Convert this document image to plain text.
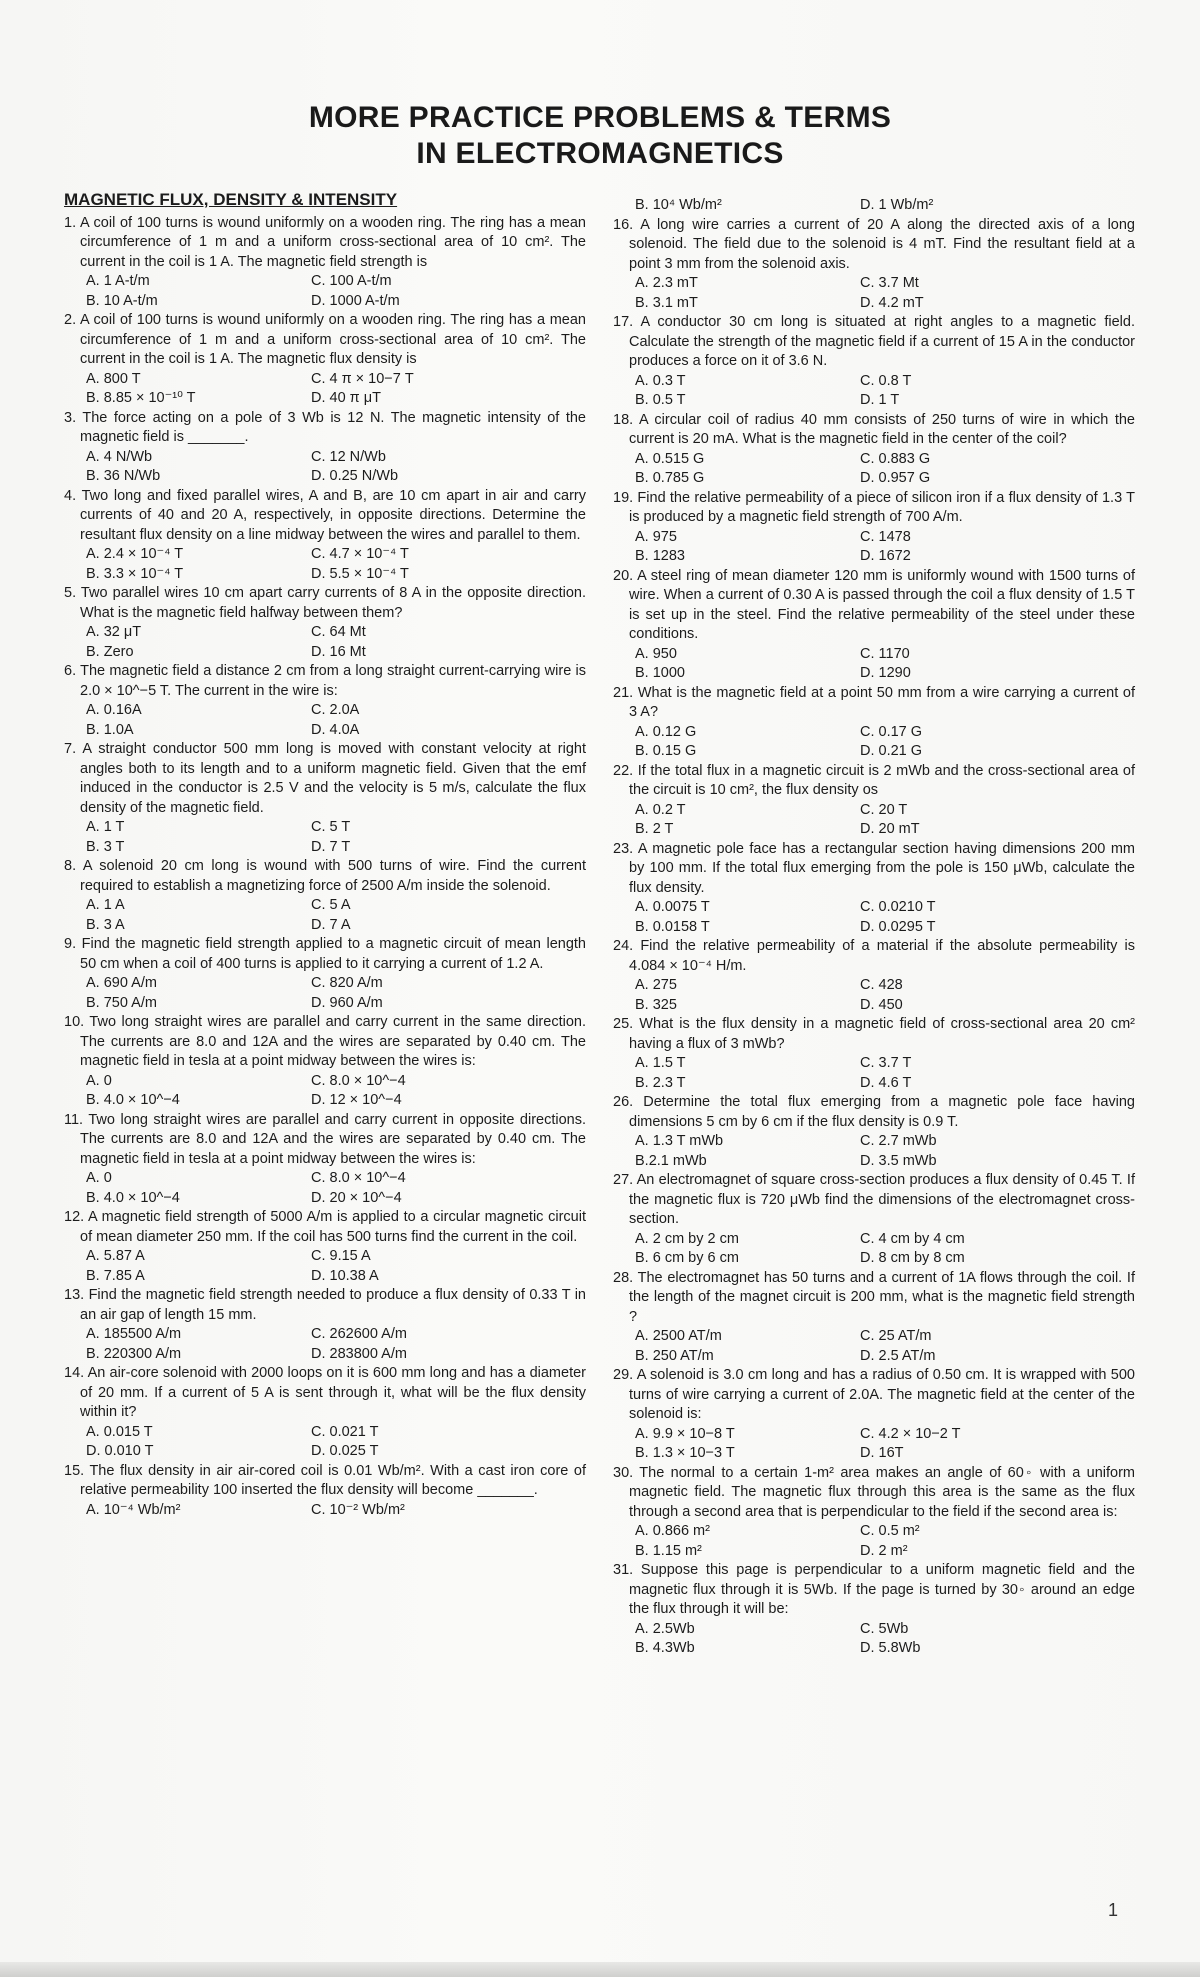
MORE PRACTICE PROBLEMS & TERMS
IN ELECTROMAGNETICS
MAGNETIC FLUX, DENSITY & INTENSITY
1. A coil of 100 turns is wound uniformly on a wooden ring. The ring has a mean circumference of 1 m and a uniform cross-sectional area of 10 cm². The current in the coil is 1 A. The magnetic field strength is
A. 1 A-t/m	C. 100 A-t/m
B. 10 A-t/m	D. 1000 A-t/m
2. A coil of 100 turns is wound uniformly on a wooden ring. The ring has a mean circumference of 1 m and a uniform cross-sectional area of 10 cm². The current in the coil is 1 A. The magnetic flux density is
A. 800 T	C. 4 π × 10−7 T
B. 8.85 × 10⁻¹⁰ T	D. 40 π μT
3. The force acting on a pole of 3 Wb is 12 N. The magnetic intensity of the magnetic field is _______.
A. 4 N/Wb	C. 12 N/Wb
B. 36 N/Wb	D. 0.25 N/Wb
4. Two long and fixed parallel wires, A and B, are 10 cm apart in air and carry currents of 40 and 20 A, respectively, in opposite directions. Determine the resultant flux density on a line midway between the wires and parallel to them.
A. 2.4 × 10⁻⁴ T	C. 4.7 × 10⁻⁴ T
B. 3.3 × 10⁻⁴ T	D. 5.5 × 10⁻⁴ T
5. Two parallel wires 10 cm apart carry currents of 8 A in the opposite direction. What is the magnetic field halfway between them?
A. 32 μT	C. 64 Mt
B. Zero	D. 16 Mt
6. The magnetic field a distance 2 cm from a long straight current-carrying wire is 2.0 × 10^−5 T. The current in the wire is:
A. 0.16A	C. 2.0A
B. 1.0A	D. 4.0A
7. A straight conductor 500 mm long is moved with constant velocity at right angles both to its length and to a uniform magnetic field. Given that the emf induced in the conductor is 2.5 V and the velocity is 5 m/s, calculate the flux density of the magnetic field.
A. 1 T	C. 5 T
B. 3 T	D. 7 T
8. A solenoid 20 cm long is wound with 500 turns of wire. Find the current required to establish a magnetizing force of 2500 A/m inside the solenoid.
A. 1 A	C. 5 A
B. 3 A	D. 7 A
9. Find the magnetic field strength applied to a magnetic circuit of mean length 50 cm when a coil of 400 turns is applied to it carrying a current of 1.2 A.
A. 690 A/m	C. 820 A/m
B. 750 A/m	D. 960 A/m
10. Two long straight wires are parallel and carry current in the same direction. The currents are 8.0 and 12A and the wires are separated by 0.40 cm. The magnetic field in tesla at a point midway between the wires is:
A. 0	C. 8.0 × 10^−4
B. 4.0 × 10^−4	D. 12 × 10^−4
11. Two long straight wires are parallel and carry current in opposite directions. The currents are 8.0 and 12A and the wires are separated by 0.40 cm. The magnetic field in tesla at a point midway between the wires is:
A. 0	C. 8.0 × 10^−4
B. 4.0 × 10^−4	D. 20 × 10^−4
12. A magnetic field strength of 5000 A/m is applied to a circular magnetic circuit of mean diameter 250 mm. If the coil has 500 turns find the current in the coil.
A. 5.87 A	C. 9.15 A
B. 7.85 A	D. 10.38 A
13. Find the magnetic field strength needed to produce a flux density of 0.33 T in an air gap of length 15 mm.
A. 185500 A/m	C. 262600 A/m
B. 220300 A/m	D. 283800 A/m
14. An air-core solenoid with 2000 loops on it is 600 mm long and has a diameter of 20 mm. If a current of 5 A is sent through it, what will be the flux density within it?
A. 0.015 T	C. 0.021 T
D. 0.010 T	D. 0.025 T
15. The flux density in air air-cored coil is 0.01 Wb/m². With a cast iron core of relative permeability 100 inserted the flux density will become _______.
A. 10⁻⁴ Wb/m²	C. 10⁻² Wb/m²
B. 10⁴ Wb/m²	D. 1 Wb/m²
16. A long wire carries a current of 20 A along the directed axis of a long solenoid. The field due to the solenoid is 4 mT. Find the resultant field at a point 3 mm from the solenoid axis.
A. 2.3 mT	C. 3.7 Mt
B. 3.1 mT	D. 4.2 mT
17. A conductor 30 cm long is situated at right angles to a magnetic field. Calculate the strength of the magnetic field if a current of 15 A in the conductor produces a force on it of 3.6 N.
A. 0.3 T	C. 0.8 T
B. 0.5 T	D. 1 T
18. A circular coil of radius 40 mm consists of 250 turns of wire in which the current is 20 mA. What is the magnetic field in the center of the coil?
A. 0.515 G	C. 0.883 G
B. 0.785 G	D. 0.957 G
19. Find the relative permeability of a piece of silicon iron if a flux density of 1.3 T is produced by a magnetic field strength of 700 A/m.
A. 975	C. 1478
B. 1283	D. 1672
20. A steel ring of mean diameter 120 mm is uniformly wound with 1500 turns of wire. When a current of 0.30 A is passed through the coil a flux density of 1.5 T is set up in the steel. Find the relative permeability of the steel under these conditions.
A. 950	C. 1170
B. 1000	D. 1290
21. What is the magnetic field at a point 50 mm from a wire carrying a current of 3 A?
A. 0.12 G	C. 0.17 G
B. 0.15 G	D. 0.21 G
22. If the total flux in a magnetic circuit is 2 mWb and the cross-sectional area of the circuit is 10 cm², the flux density os
A. 0.2 T	C. 20 T
B. 2 T	D. 20 mT
23. A magnetic pole face has a rectangular section having dimensions 200 mm by 100 mm. If the total flux emerging from the pole is 150 μWb, calculate the flux density.
A. 0.0075 T	C. 0.0210 T
B. 0.0158 T	D. 0.0295 T
24. Find the relative permeability of a material if the absolute permeability is 4.084 × 10⁻⁴ H/m.
A. 275	C. 428
B. 325	D. 450
25. What is the flux density in a magnetic field of cross-sectional area 20 cm² having a flux of 3 mWb?
A. 1.5 T	C. 3.7 T
B. 2.3 T	D. 4.6 T
26. Determine the total flux emerging from a magnetic pole face having dimensions 5 cm by 6 cm if the flux density is 0.9 T.
A. 1.3 T mWb	C. 2.7 mWb
B.2.1 mWb	D. 3.5 mWb
27. An electromagnet of square cross-section produces a flux density of 0.45 T. If the magnetic flux is 720 μWb find the dimensions of the electromagnet cross-section.
A. 2 cm by 2 cm	C. 4 cm by 4 cm
B. 6 cm by 6 cm	D. 8 cm by 8 cm
28. The electromagnet has 50 turns and a current of 1A flows through the coil. If the length of the magnet circuit is 200 mm, what is the magnetic field strength ?
A. 2500 AT/m	C. 25 AT/m
B. 250 AT/m	D. 2.5 AT/m
29. A solenoid is 3.0 cm long and has a radius of 0.50 cm. It is wrapped with 500 turns of wire carrying a current of 2.0A. The magnetic field at the center of the solenoid is:
A. 9.9 × 10−8 T	C. 4.2 × 10−2 T
B. 1.3 × 10−3 T	D. 16T
30. The normal to a certain 1-m² area makes an angle of 60◦ with a uniform magnetic field. The magnetic flux through this area is the same as the flux through a second area that is perpendicular to the field if the second area is:
A. 0.866 m²	C. 0.5 m²
B. 1.15 m²	D. 2 m²
31. Suppose this page is perpendicular to a uniform magnetic field and the magnetic flux through it is 5Wb. If the page is turned by 30◦ around an edge the flux through it will be:
A. 2.5Wb	C. 5Wb
B. 4.3Wb	D. 5.8Wb
1
